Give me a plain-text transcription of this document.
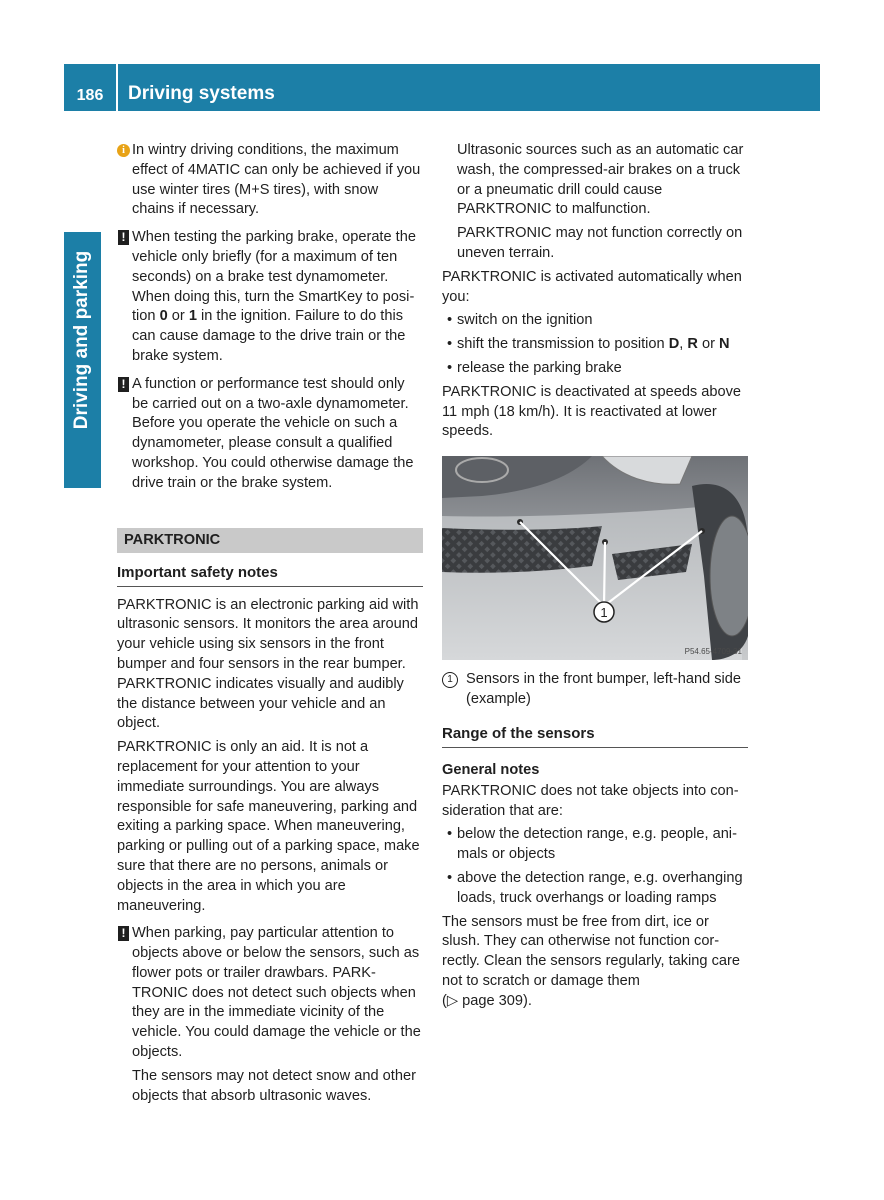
186	Driving systems
Driving and parking
i In wintry driving conditions, the maximum effect of 4MATIC can only be achieved if you use winter tires (M+S tires), with snow chains if necessary.

! When testing the parking brake, operate the vehicle only briefly (for a maximum of ten seconds) on a brake test dynamometer. When doing this, turn the SmartKey to position 0 or 1 in the ignition. Failure to do this can cause damage to the drive train or the brake system.

! A function or performance test should only be carried out on a two-axle dynamometer. Before you operate the vehicle on such a dynamometer, please consult a qualified workshop. You could otherwise damage the drive train or the brake system.

PARKTRONIC
Important safety notes

PARKTRONIC is an electronic parking aid with ultrasonic sensors. It monitors the area around your vehicle using six sensors in the front bumper and four sensors in the rear bumper. PARKTRONIC indicates visually and audibly the distance between your vehicle and an object.

PARKTRONIC is only an aid. It is not a replacement for your attention to your immediate surroundings. You are always responsible for safe maneuvering, parking and exiting a parking space. When maneuvering, parking or pulling out of a parking space, make sure that there are no persons, animals or objects in the area in which you are maneuvering.

! When parking, pay particular attention to objects above or below the sensors, such as flower pots or trailer drawbars. PARKTRONIC does not detect such objects when they are in the immediate vicinity of the vehicle. You could damage the vehicle or the objects.

The sensors may not detect snow and other objects that absorb ultrasonic waves.

Ultrasonic sources such as an automatic car wash, the compressed-air brakes on a truck or a pneumatic drill could cause PARKTRONIC to malfunction.

PARKTRONIC may not function correctly on uneven terrain.

PARKTRONIC is activated automatically when you:

• switch on the ignition
• shift the transmission to position D, R or N
• release the parking brake

PARKTRONIC is deactivated at speeds above 11 mph (18 km/h). It is reactivated at lower speeds.

1
P54.65-4709-31
1 Sensors in the front bumper, left-hand side (example)
Range of the sensors
General notes

PARKTRONIC does not take objects into consideration that are:

• below the detection range, e.g. people, animals or objects
• above the detection range, e.g. overhanging loads, truck overhangs or loading ramps

The sensors must be free from dirt, ice or slush. They can otherwise not function correctly. Clean the sensors regularly, taking care not to scratch or damage them
(▷ page 309).
